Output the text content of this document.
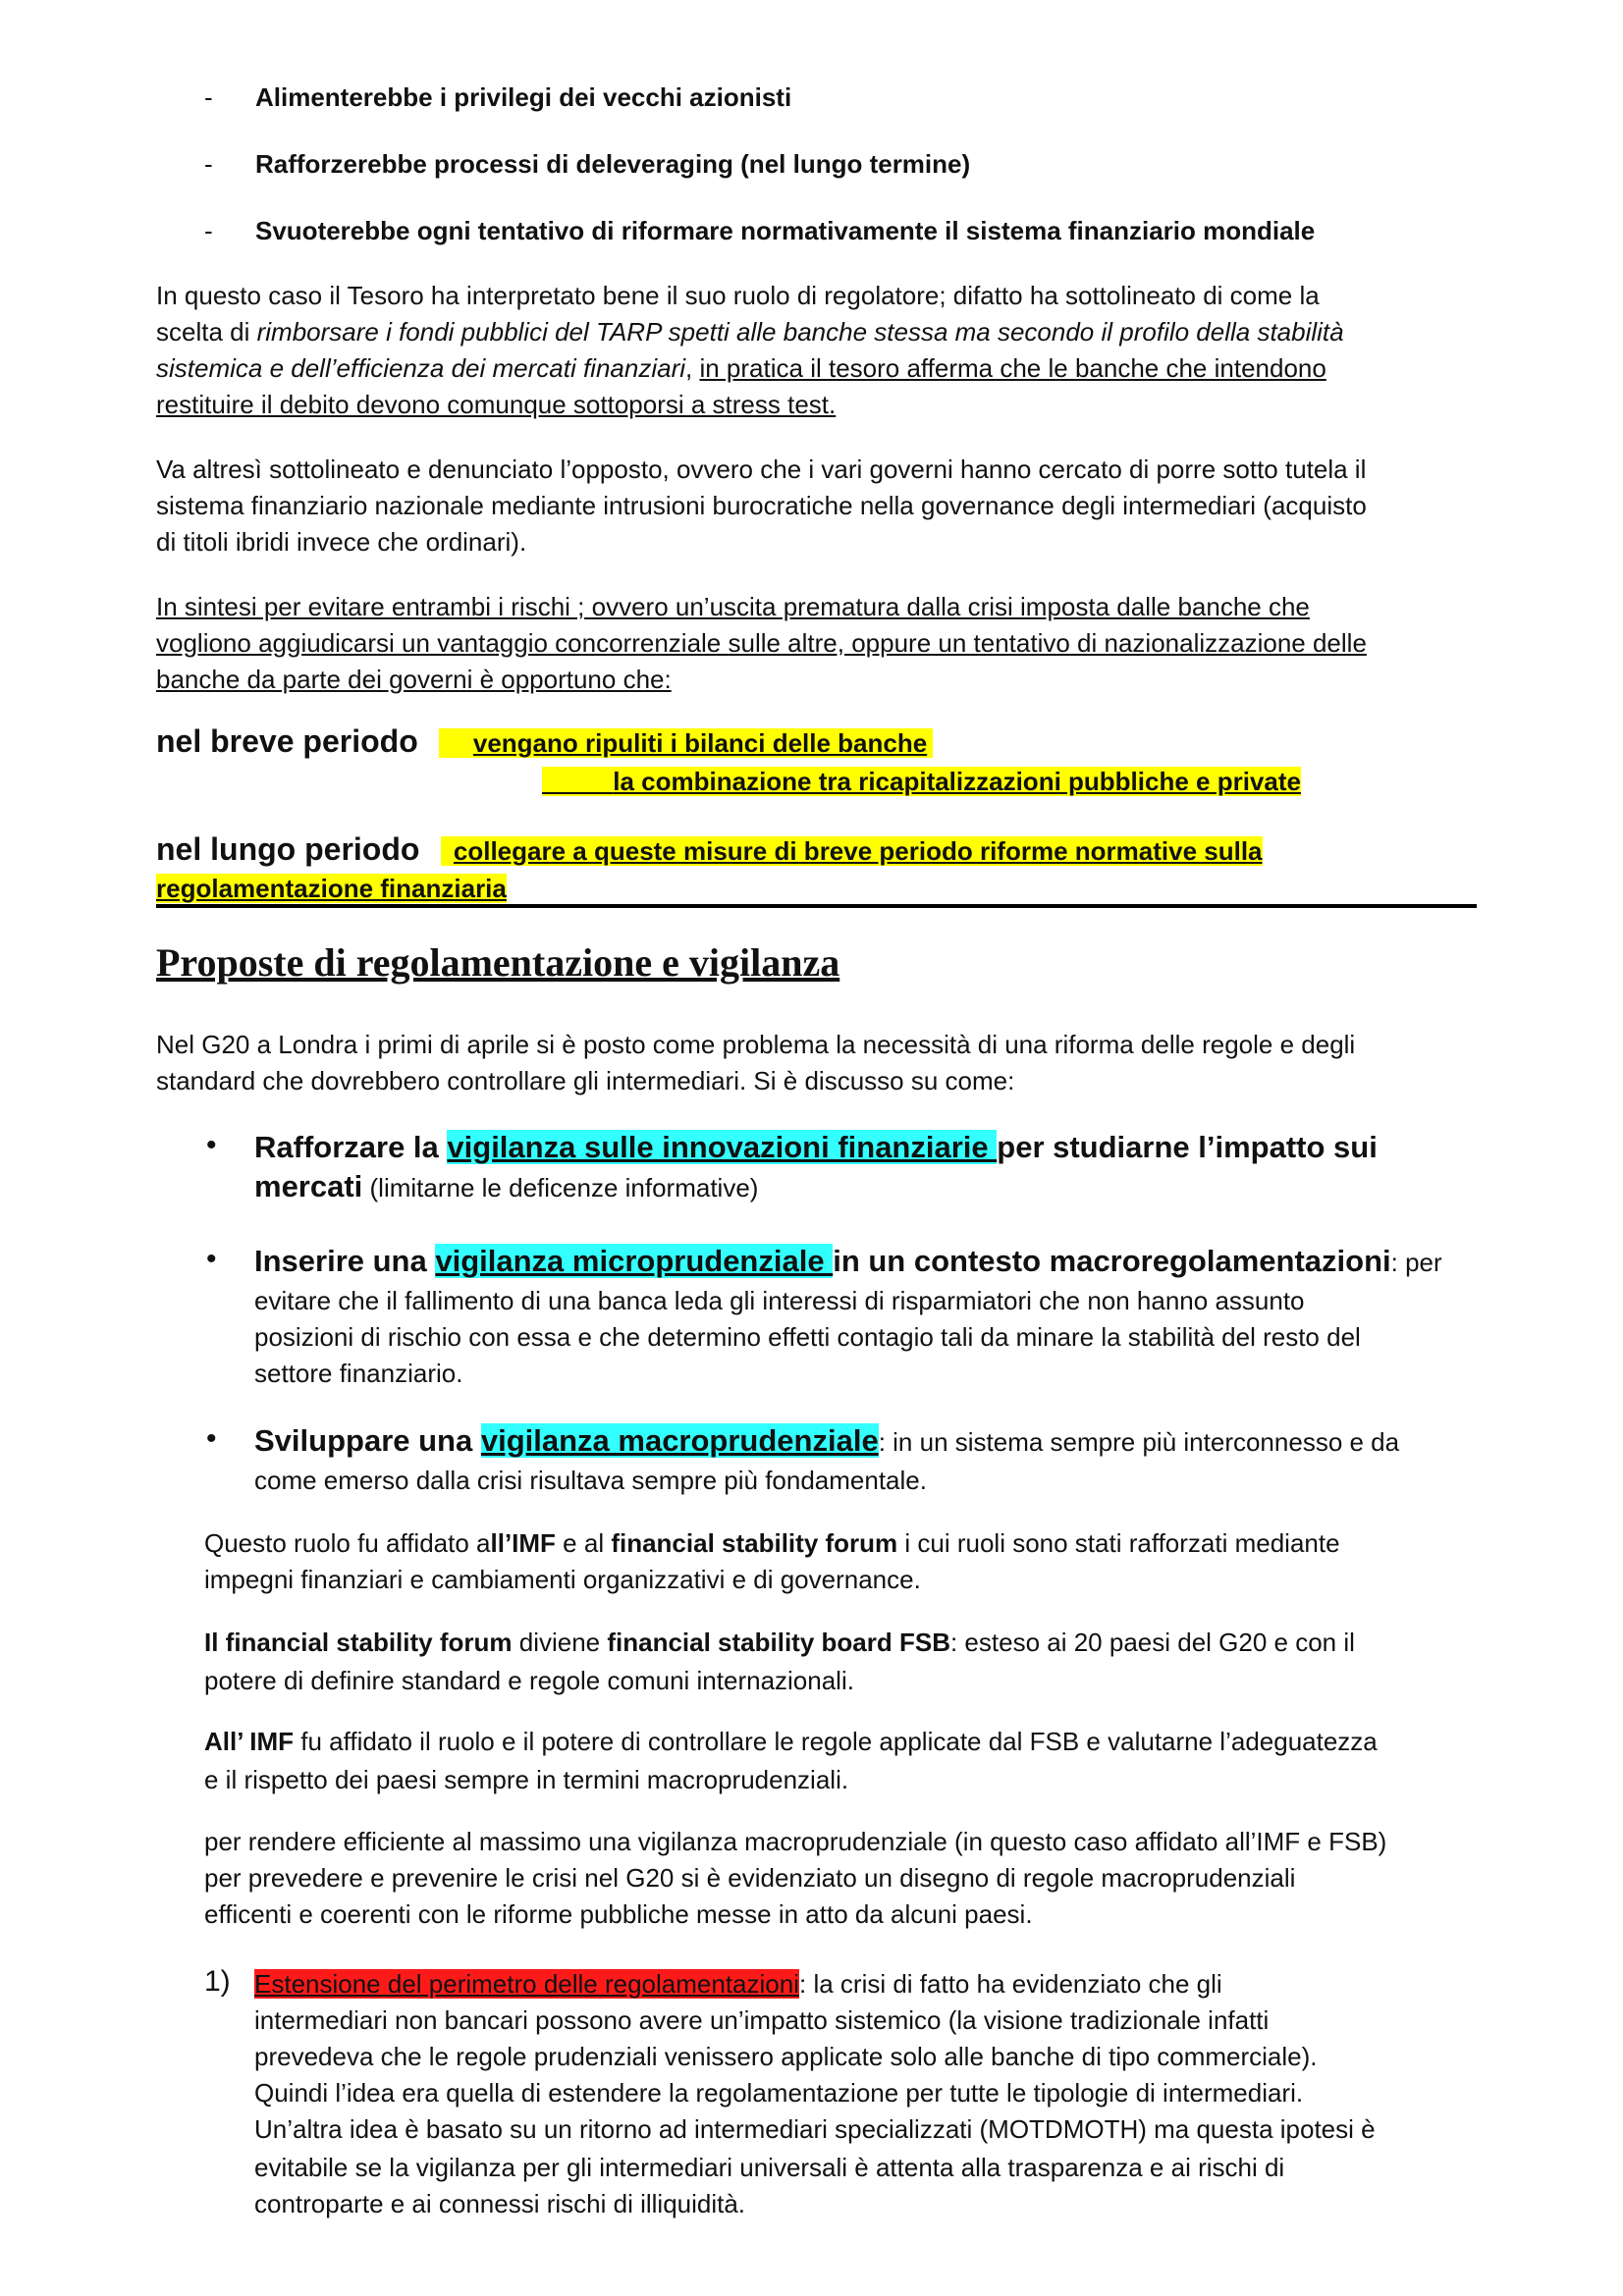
- Alimenterebbe i privilegi dei vecchi azionisti
- Rafforzerebbe processi di deleveraging (nel lungo termine)
- Svuoterebbe ogni tentativo di riformare normativamente il sistema finanziario mondiale
In questo caso il Tesoro ha interpretato bene il suo ruolo di regolatore; difatto ha sottolineato di come la
scelta di rimborsare i fondi pubblici del TARP spetti alle banche stessa ma secondo il profilo della stabilità
sistemica e dell’efficienza dei mercati finanziari, in pratica il tesoro afferma che le banche che intendono
restituire il debito devono comunque sottoporsi a stress test.
Va altresì sottolineato e denunciato l’opposto, ovvero che i vari governi hanno cercato di porre sotto tutela il
sistema finanziario nazionale mediante intrusioni burocratiche nella governance degli intermediari (acquisto
di titoli ibridi invece che ordinari).
In sintesi per evitare entrambi i rischi ; ovvero un’uscita prematura dalla crisi imposta dalle banche che
vogliono aggiudicarsi un vantaggio concorrenziale sulle altre, oppure un tentativo di nazionalizzazione delle
banche da parte dei governi è opportuno che:
nel breve periodo vengano ripuliti i bilanci delle banche
la combinazione tra ricapitalizzazioni pubbliche e private
nel lungo periodo collegare a queste misure di breve periodo riforme normative sulla
regolamentazione finanziaria
Proposte di regolamentazione e vigilanza
Nel G20 a Londra i primi di aprile si è posto come problema la necessità di una riforma delle regole e degli
standard che dovrebbero controllare gli intermediari. Si è discusso su come:
• Rafforzare la vigilanza sulle innovazioni finanziarie per studiarne l’impatto sui
mercati (limitarne le deficenze informative)
• Inserire una vigilanza microprudenziale in un contesto macroregolamentazioni: per
evitare che il fallimento di una banca leda gli interessi di risparmiatori che non hanno assunto
posizioni di rischio con essa e che determino effetti contagio tali da minare la stabilità del resto del
settore finanziario.
• Sviluppare una vigilanza macroprudenziale: in un sistema sempre più interconnesso e da
come emerso dalla crisi risultava sempre più fondamentale.
Questo ruolo fu affidato all’IMF e al financial stability forum i cui ruoli sono stati rafforzati mediante
impegni finanziari e cambiamenti organizzativi e di governance.
Il financial stability forum diviene financial stability board FSB: esteso ai 20 paesi del G20 e con il
potere di definire standard e regole comuni internazionali.
All’ IMF fu affidato il ruolo e il potere di controllare le regole applicate dal FSB e valutarne l’adeguatezza
e il rispetto dei paesi sempre in termini macroprudenziali.
per rendere efficiente al massimo una vigilanza macroprudenziale (in questo caso affidato all’IMF e FSB)
per prevedere e prevenire le crisi nel G20 si è evidenziato un disegno di regole macroprudenziali
efficenti e coerenti con le riforme pubbliche messe in atto da alcuni paesi.
1) Estensione del perimetro delle regolamentazioni: la crisi di fatto ha evidenziato che gli
intermediari non bancari possono avere un’impatto sistemico (la visione tradizionale infatti
prevedeva che le regole prudenziali venissero applicate solo alle banche di tipo commerciale).
Quindi l’idea era quella di estendere la regolamentazione per tutte le tipologie di intermediari.
Un’altra idea è basato su un ritorno ad intermediari specializzati (MOTDMOTH) ma questa ipotesi è
evitabile se la vigilanza per gli intermediari universali è attenta alla trasparenza e ai rischi di
controparte e ai connessi rischi di illiquidità.
